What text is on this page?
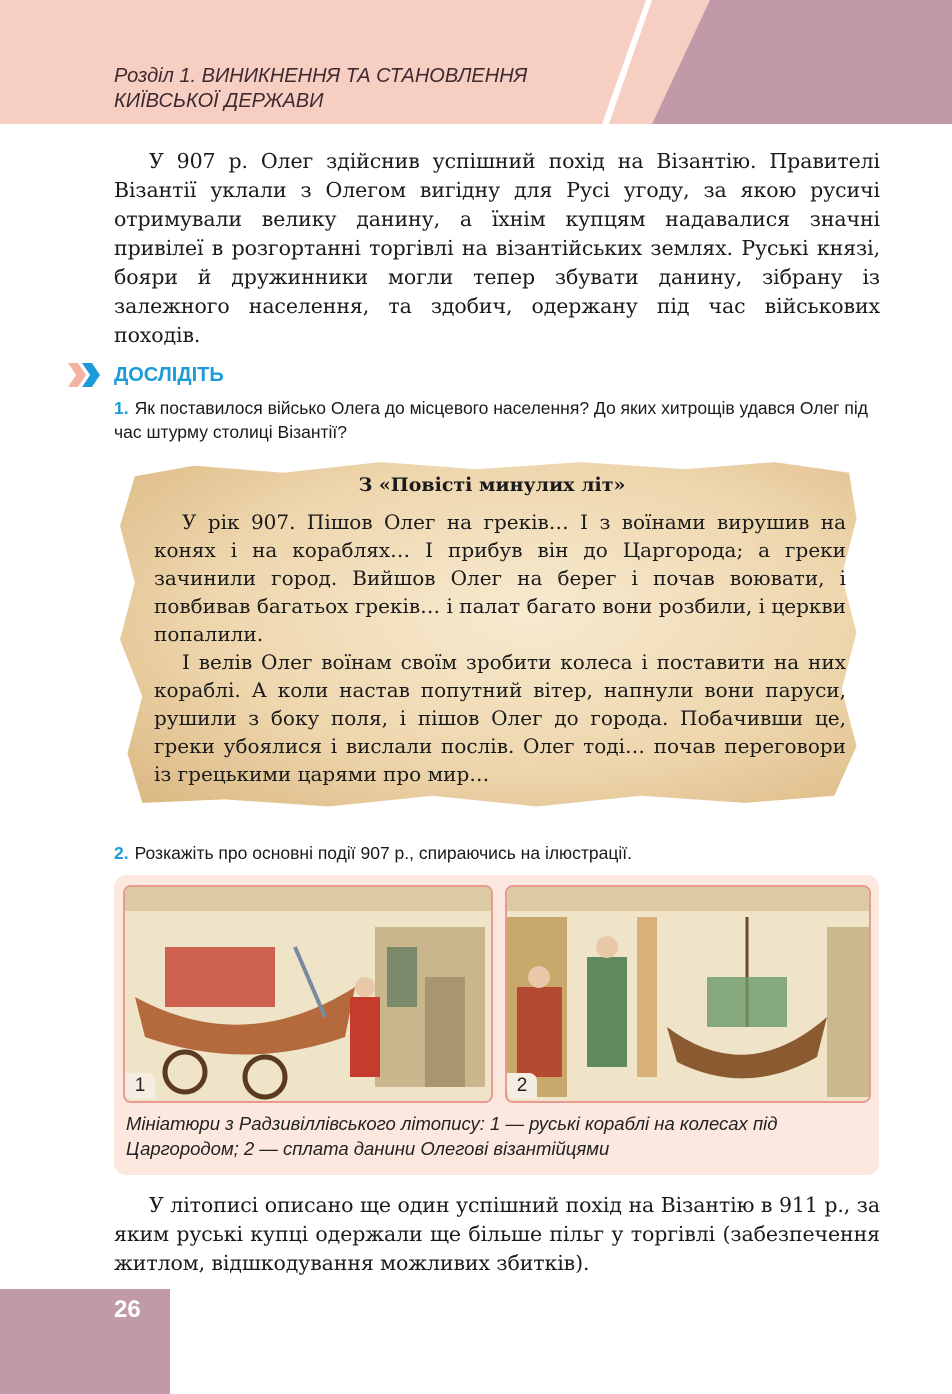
Розділ 1. ВИНИКНЕННЯ ТА СТАНОВЛЕННЯ
КИЇВСЬКОЇ ДЕРЖАВИ

У 907 р. Олег здійснив успішний похід на Візантію. Правителі Візантії уклали з Олегом вигідну для Русі угоду, за якою русичі отримували велику данину, а їхнім купцям надавалися значні привілеї в розгортанні торгівлі на візантійських землях. Руські князі, бояри й дружинники могли тепер збувати данину, зібрану із залежного населення, та здобич, одержану під час військових походів.

ДОСЛІДІТЬ
1. Як поставилося військо Олега до місцевого населення? До яких хитрощів удався Олег під час штурму столиці Візантії?
З «Повісті минулих літ»

У рік 907. Пішов Олег на греків… І з воїнами вирушив на конях і на кораблях… І прибув він до Царгорода; а греки зачинили город. Вийшов Олег на берег і почав воювати, і повбивав багатьох греків… і палат багато вони розбили, і церкви попалили.

І велів Олег воїнам своїм зробити колеса і поставити на них кораблі. А коли настав попутний вітер, напнули вони паруси, рушили з боку поля, і пішов Олег до города. Побачивши це, греки убоялися і вислали послів. Олег тоді… почав переговори із грецькими царями про мир…

2. Розкажіть про основні події 907 р., спираючись на ілюстрації.
1	2
Мініатюри з Радзивіллівського літопису: 1 — руські кораблі на колесах під Царгородом; 2 — сплата данини Олегові візантійцями

У літописі описано ще один успішний похід на Візантію в 911 р., за яким руські купці одержали ще більше пільг у торгівлі (забезпечення житлом, відшкодування можливих збитків).

26
